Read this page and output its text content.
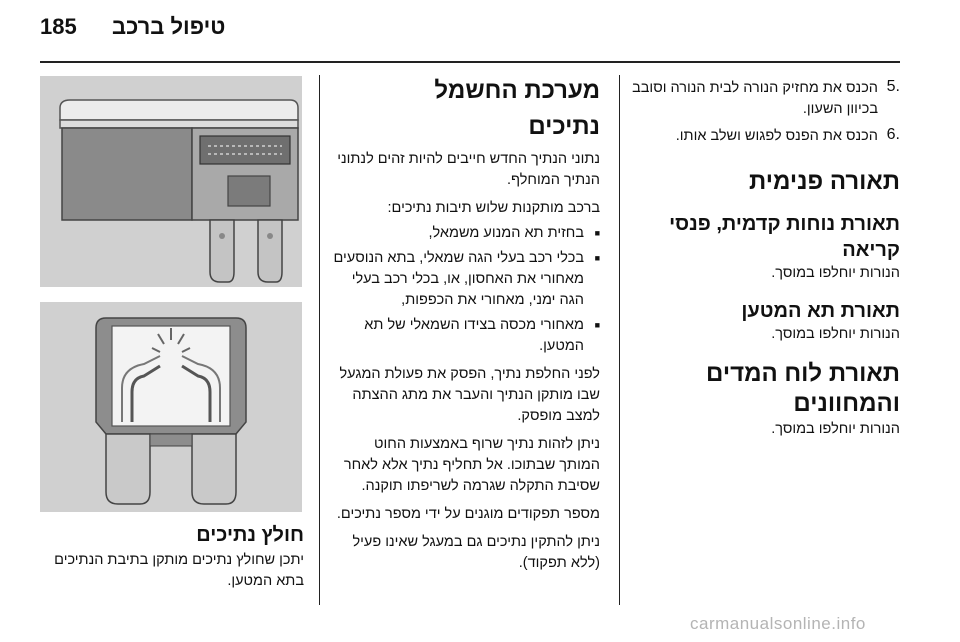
185 טיפול ברכב
.5

הכנס את מחזיק הנורה לבית הנורה וסובב בכיוון השעון.

.6

הכנס את הפנס לפגוש ושלב אותו.

תאורה פנימית
תאורת נוחות קדמית, פנסי קריאה

הנורות יוחלפו במוסך.

תאורת תא המטען

הנורות יוחלפו במוסך.

תאורת לוח המדים והמחוונים

הנורות יוחלפו במוסך.

מערכת החשמל
נתיכים

נתוני הנתיך החדש חייבים להיות זהים לנתוני הנתיך המוחלף.

ברכב מותקנות שלוש תיבות נתיכים:

■

בחזית תא המנוע משמאל,

■

בכלי רכב בעלי הגה שמאלי, בתא הנוסעים מאחורי את האחסון, או, בכלי רכב בעלי הגה ימני, מאחורי את הכפפות,

■

מאחורי מכסה בצידו השמאלי של תא המטען.

לפני החלפת נתיך, הפסק את פעולת המגעל שבו מותקן הנתיך והעבר את מתג ההצתה למצב מופסק.

ניתן לזהות נתיך שרוף באמצעות החוט המותך שבתוכו. אל תחליף נתיך אלא לאחר שסיבת התקלה שגרמה לשריפתו תוקנה.

מספר תפקודים מוגנים על ידי מספר נתיכים.

ניתן להתקין נתיכים גם במעגל שאינו פעיל (ללא תפקוד).

חולץ נתיכים

יתכן שחולץ נתיכים מותקן בתיבת הנתיכים בתא המטען.

carmanualsonline.info
